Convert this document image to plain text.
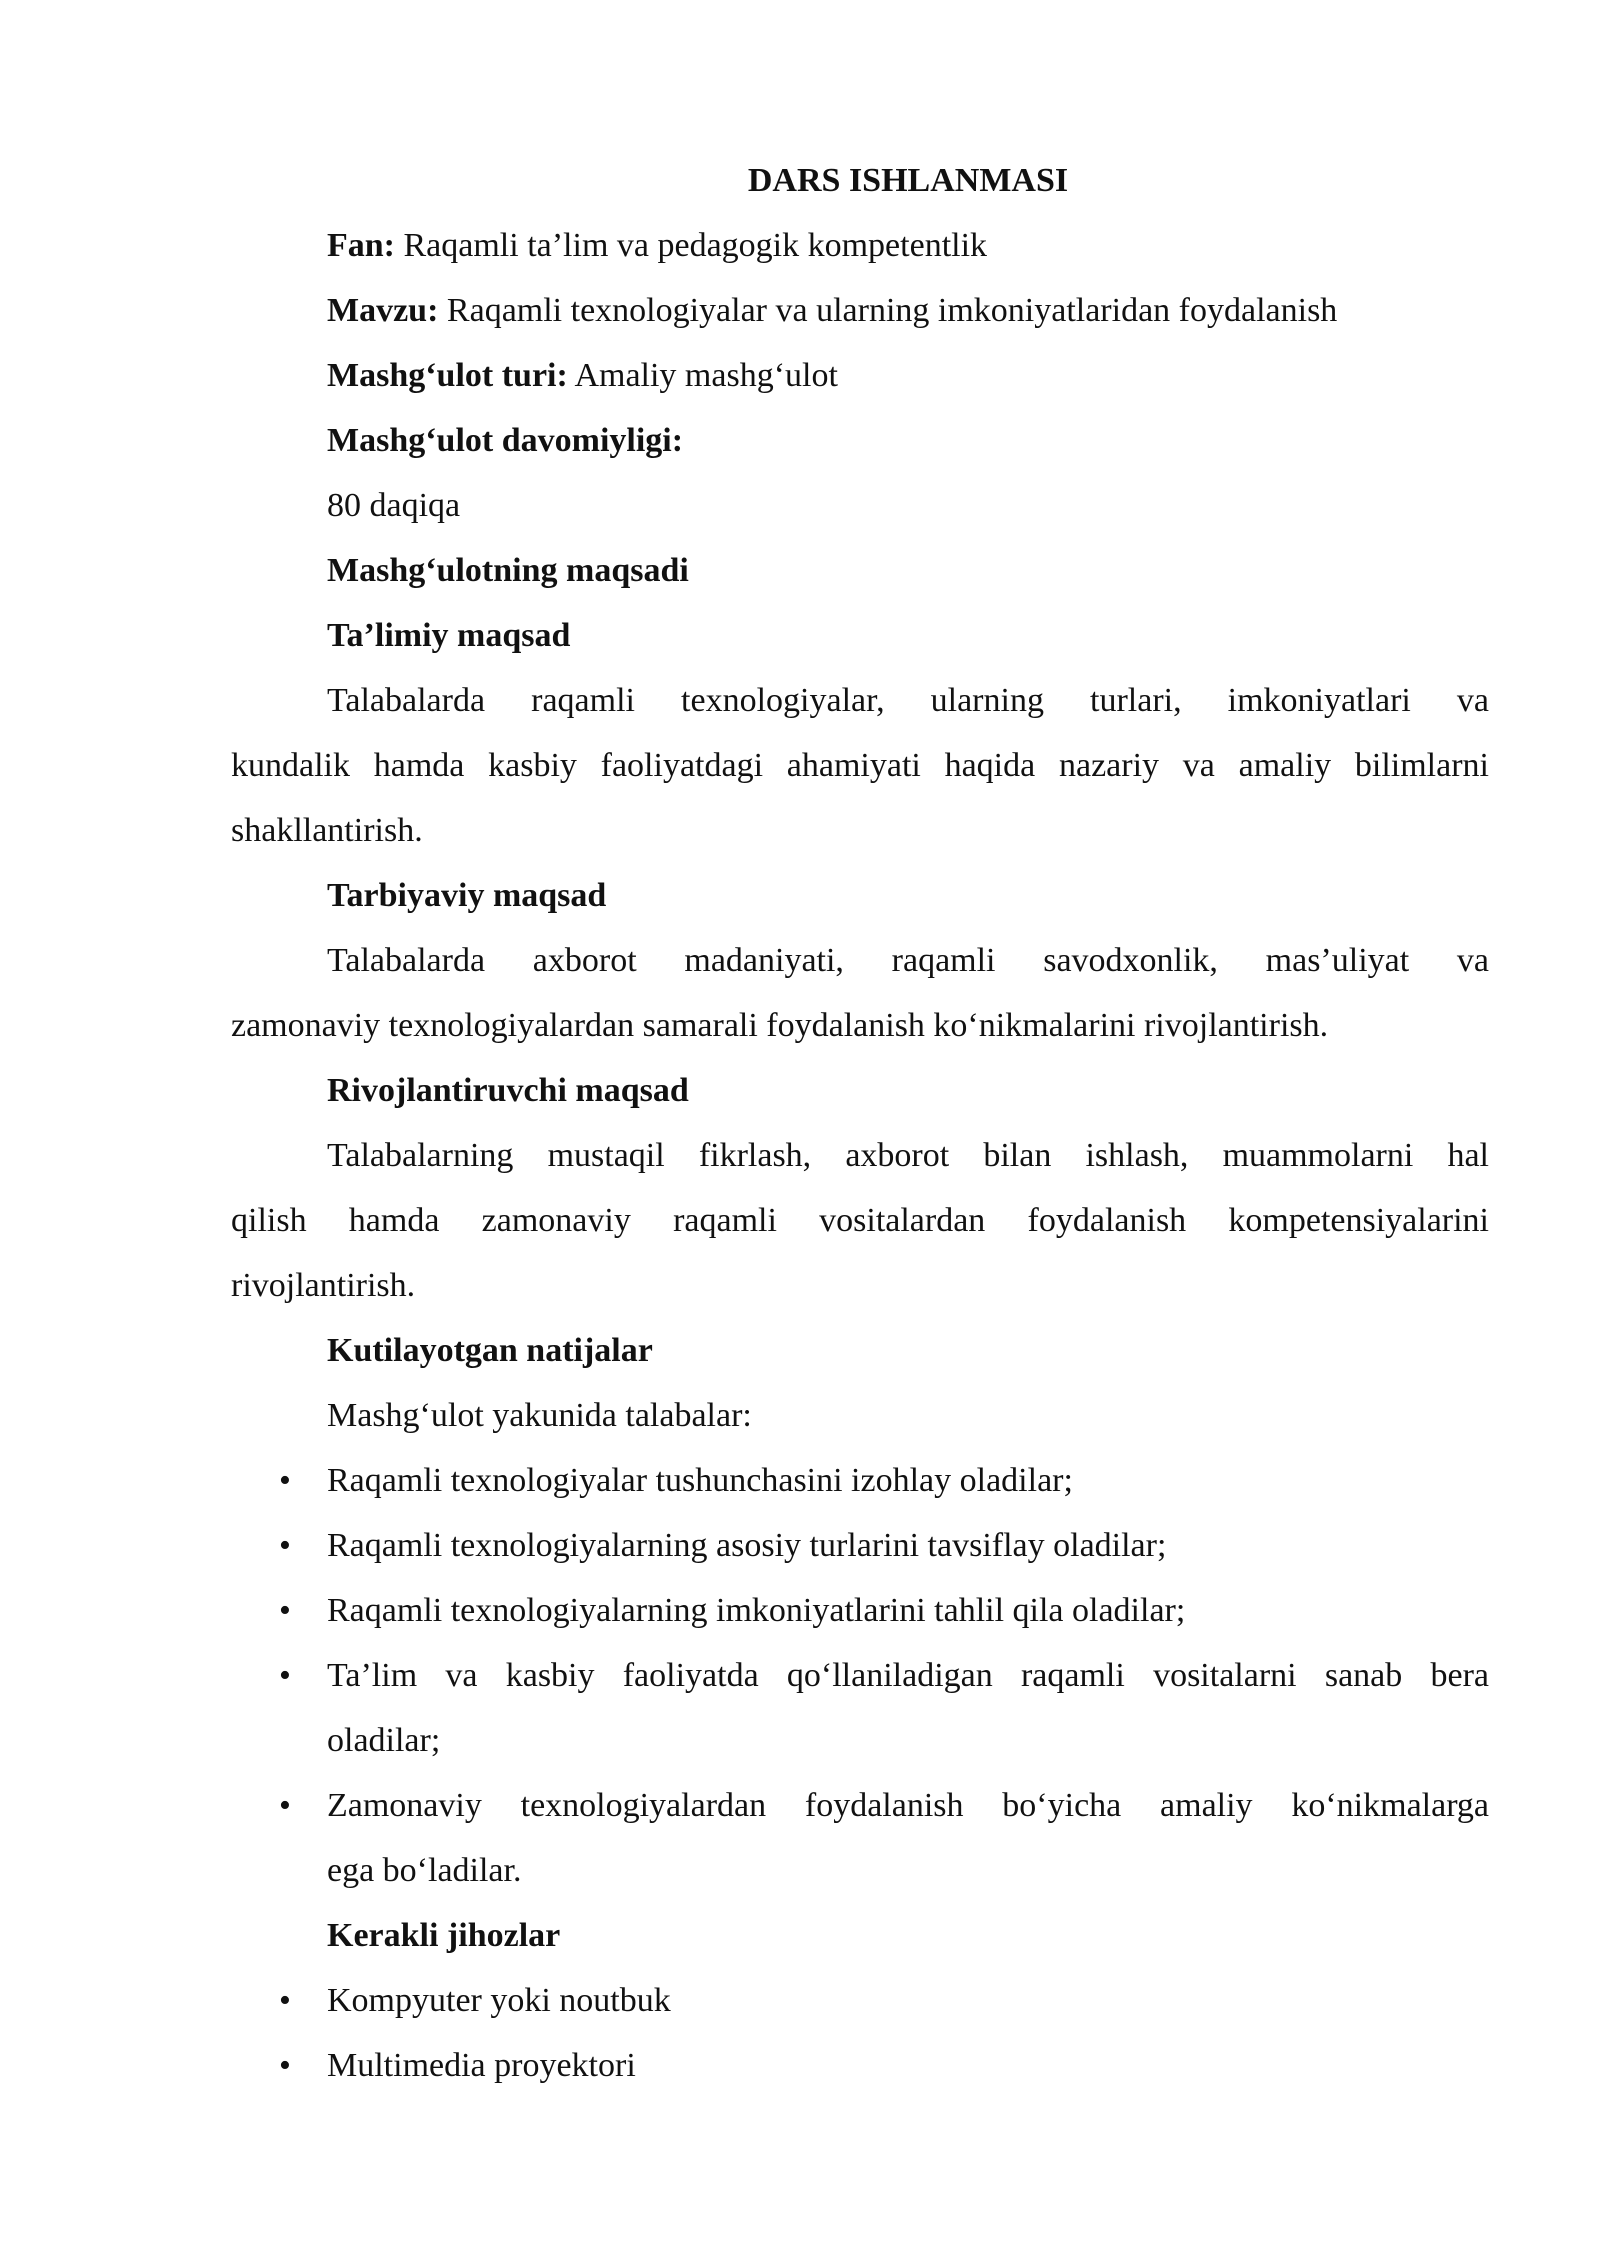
DARS ISHLANMASI
Fan: Raqamli ta’lim va pedagogik kompetentlik
Mavzu: Raqamli texnologiyalar va ularning imkoniyatlaridan foydalanish
Mashg‘ulot turi: Amaliy mashg‘ulot
Mashg‘ulot davomiyligi:
80 daqiqa
Mashg‘ulotning maqsadi
Ta’limiy maqsad
Talabalarda raqamli texnologiyalar, ularning turlari, imkoniyatlari va
kundalik hamda kasbiy faoliyatdagi ahamiyati haqida nazariy va amaliy bilimlarni
shakllantirish.
Tarbiyaviy maqsad
Talabalarda axborot madaniyati, raqamli savodxonlik, mas’uliyat va
zamonaviy texnologiyalardan samarali foydalanish ko‘nikmalarini rivojlantirish.
Rivojlantiruvchi maqsad
Talabalarning mustaqil fikrlash, axborot bilan ishlash, muammolarni hal
qilish hamda zamonaviy raqamli vositalardan foydalanish kompetensiyalarini
rivojlantirish.
Kutilayotgan natijalar
Mashg‘ulot yakunida talabalar:
• Raqamli texnologiyalar tushunchasini izohlay oladilar;
• Raqamli texnologiyalarning asosiy turlarini tavsiflay oladilar;
• Raqamli texnologiyalarning imkoniyatlarini tahlil qila oladilar;
• Ta’lim va kasbiy faoliyatda qo‘llaniladigan raqamli vositalarni sanab bera
oladilar;
• Zamonaviy texnologiyalardan foydalanish bo‘yicha amaliy ko‘nikmalarga
ega bo‘ladilar.
Kerakli jihozlar
• Kompyuter yoki noutbuk
• Multimedia proyektori
